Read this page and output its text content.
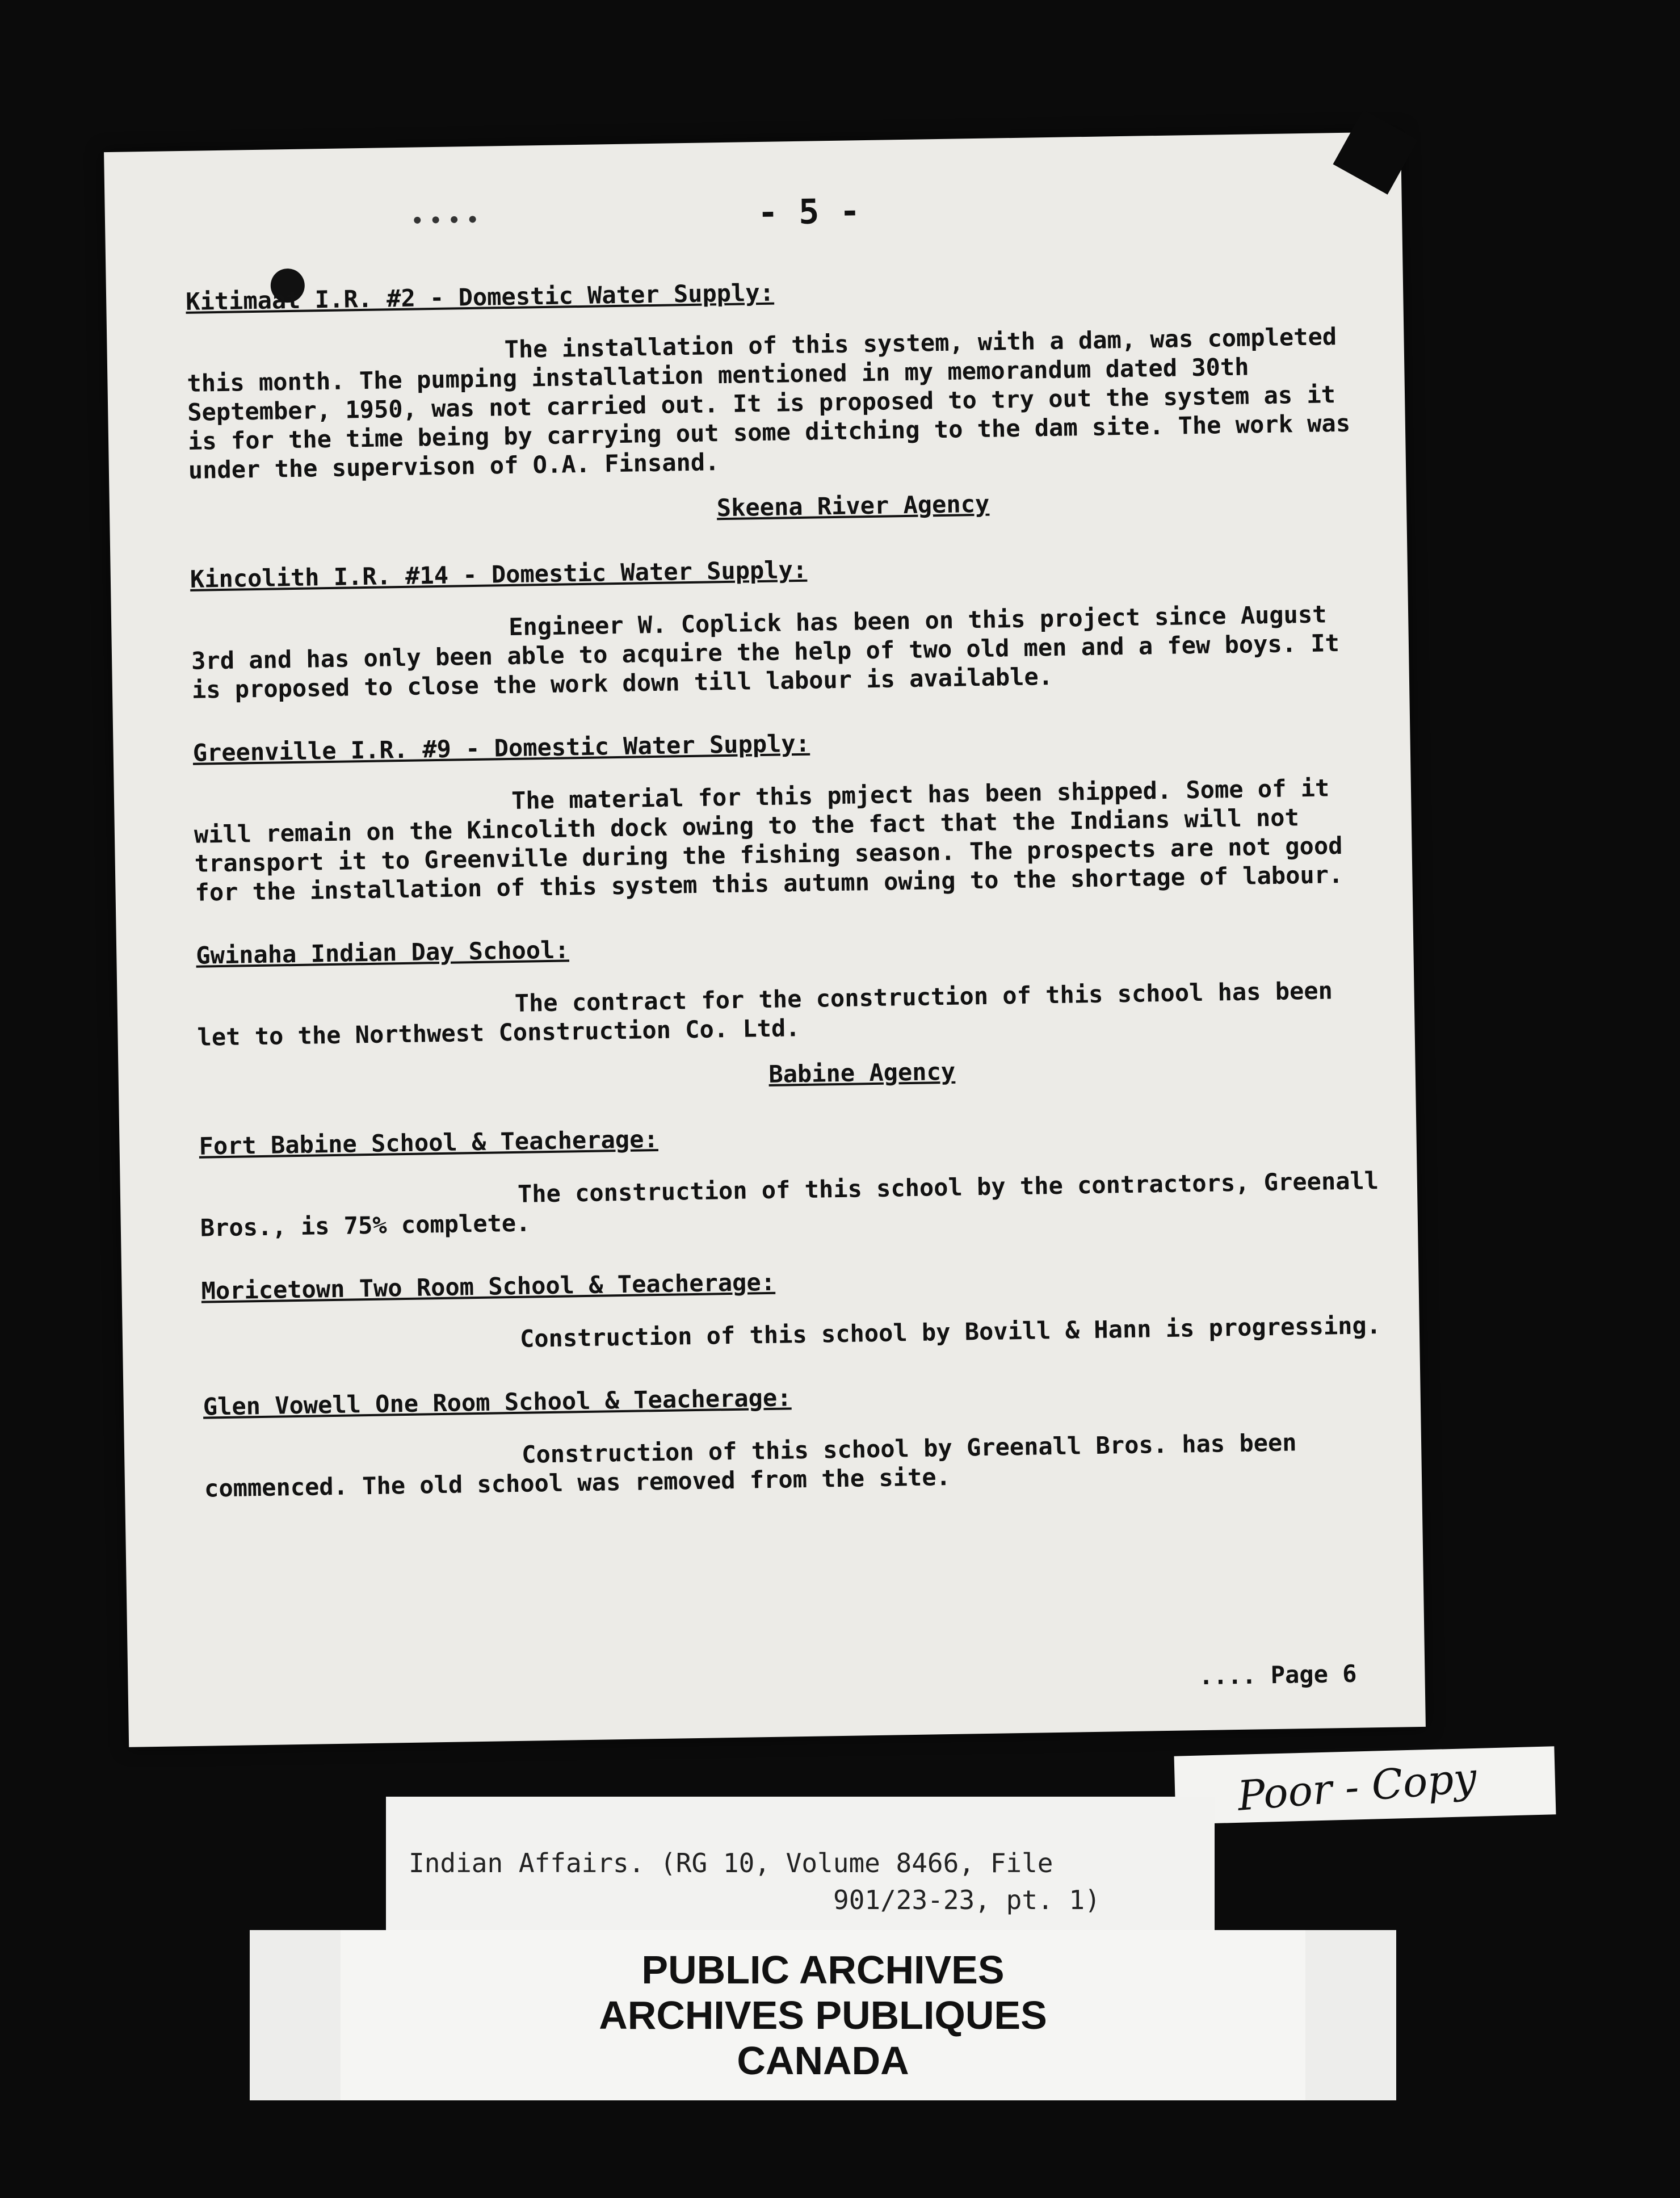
••••	- 5 -
Kitimaat I.R. #2 - Domestic Water Supply:
The installation of this system, with a dam, was completed this month. The pumping installation mentioned in my memorandum dated 30th September, 1950, was not carried out. It is proposed to try out the system as it is for the time being by carrying out some ditching to the dam site. The work was under the supervison of O.A. Finsand.
Skeena River Agency
Kincolith I.R. #14 - Domestic Water Supply:
Engineer W. Coplick has been on this project since August 3rd and has only been able to acquire the help of two old men and a few boys. It is proposed to close the work down till labour is available.
Greenville I.R. #9 - Domestic Water Supply:
The material for this pmject has been shipped. Some of it will remain on the Kincolith dock owing to the fact that the Indians will not transport it to Greenville during the fishing season. The prospects are not good for the installation of this system this autumn owing to the shortage of labour.
Gwinaha Indian Day School:
The contract for the construction of this school has been let to the Northwest Construction Co. Ltd.
Babine Agency
Fort Babine School & Teacherage:
The construction of this school by the contractors, Greenall Bros., is 75% complete.
Moricetown Two Room School & Teacherage:
Construction of this school by Bovill & Hann is progressing.
Glen Vowell One Room School & Teacherage:
Construction of this school by Greenall Bros. has been commenced. The old school was removed from the site.
.... Page 6
Poor - Copy
Indian Affairs. (RG 10, Volume 8466, File
901/23-23, pt. 1)
PUBLIC ARCHIVES
ARCHIVES PUBLIQUES
CANADA
